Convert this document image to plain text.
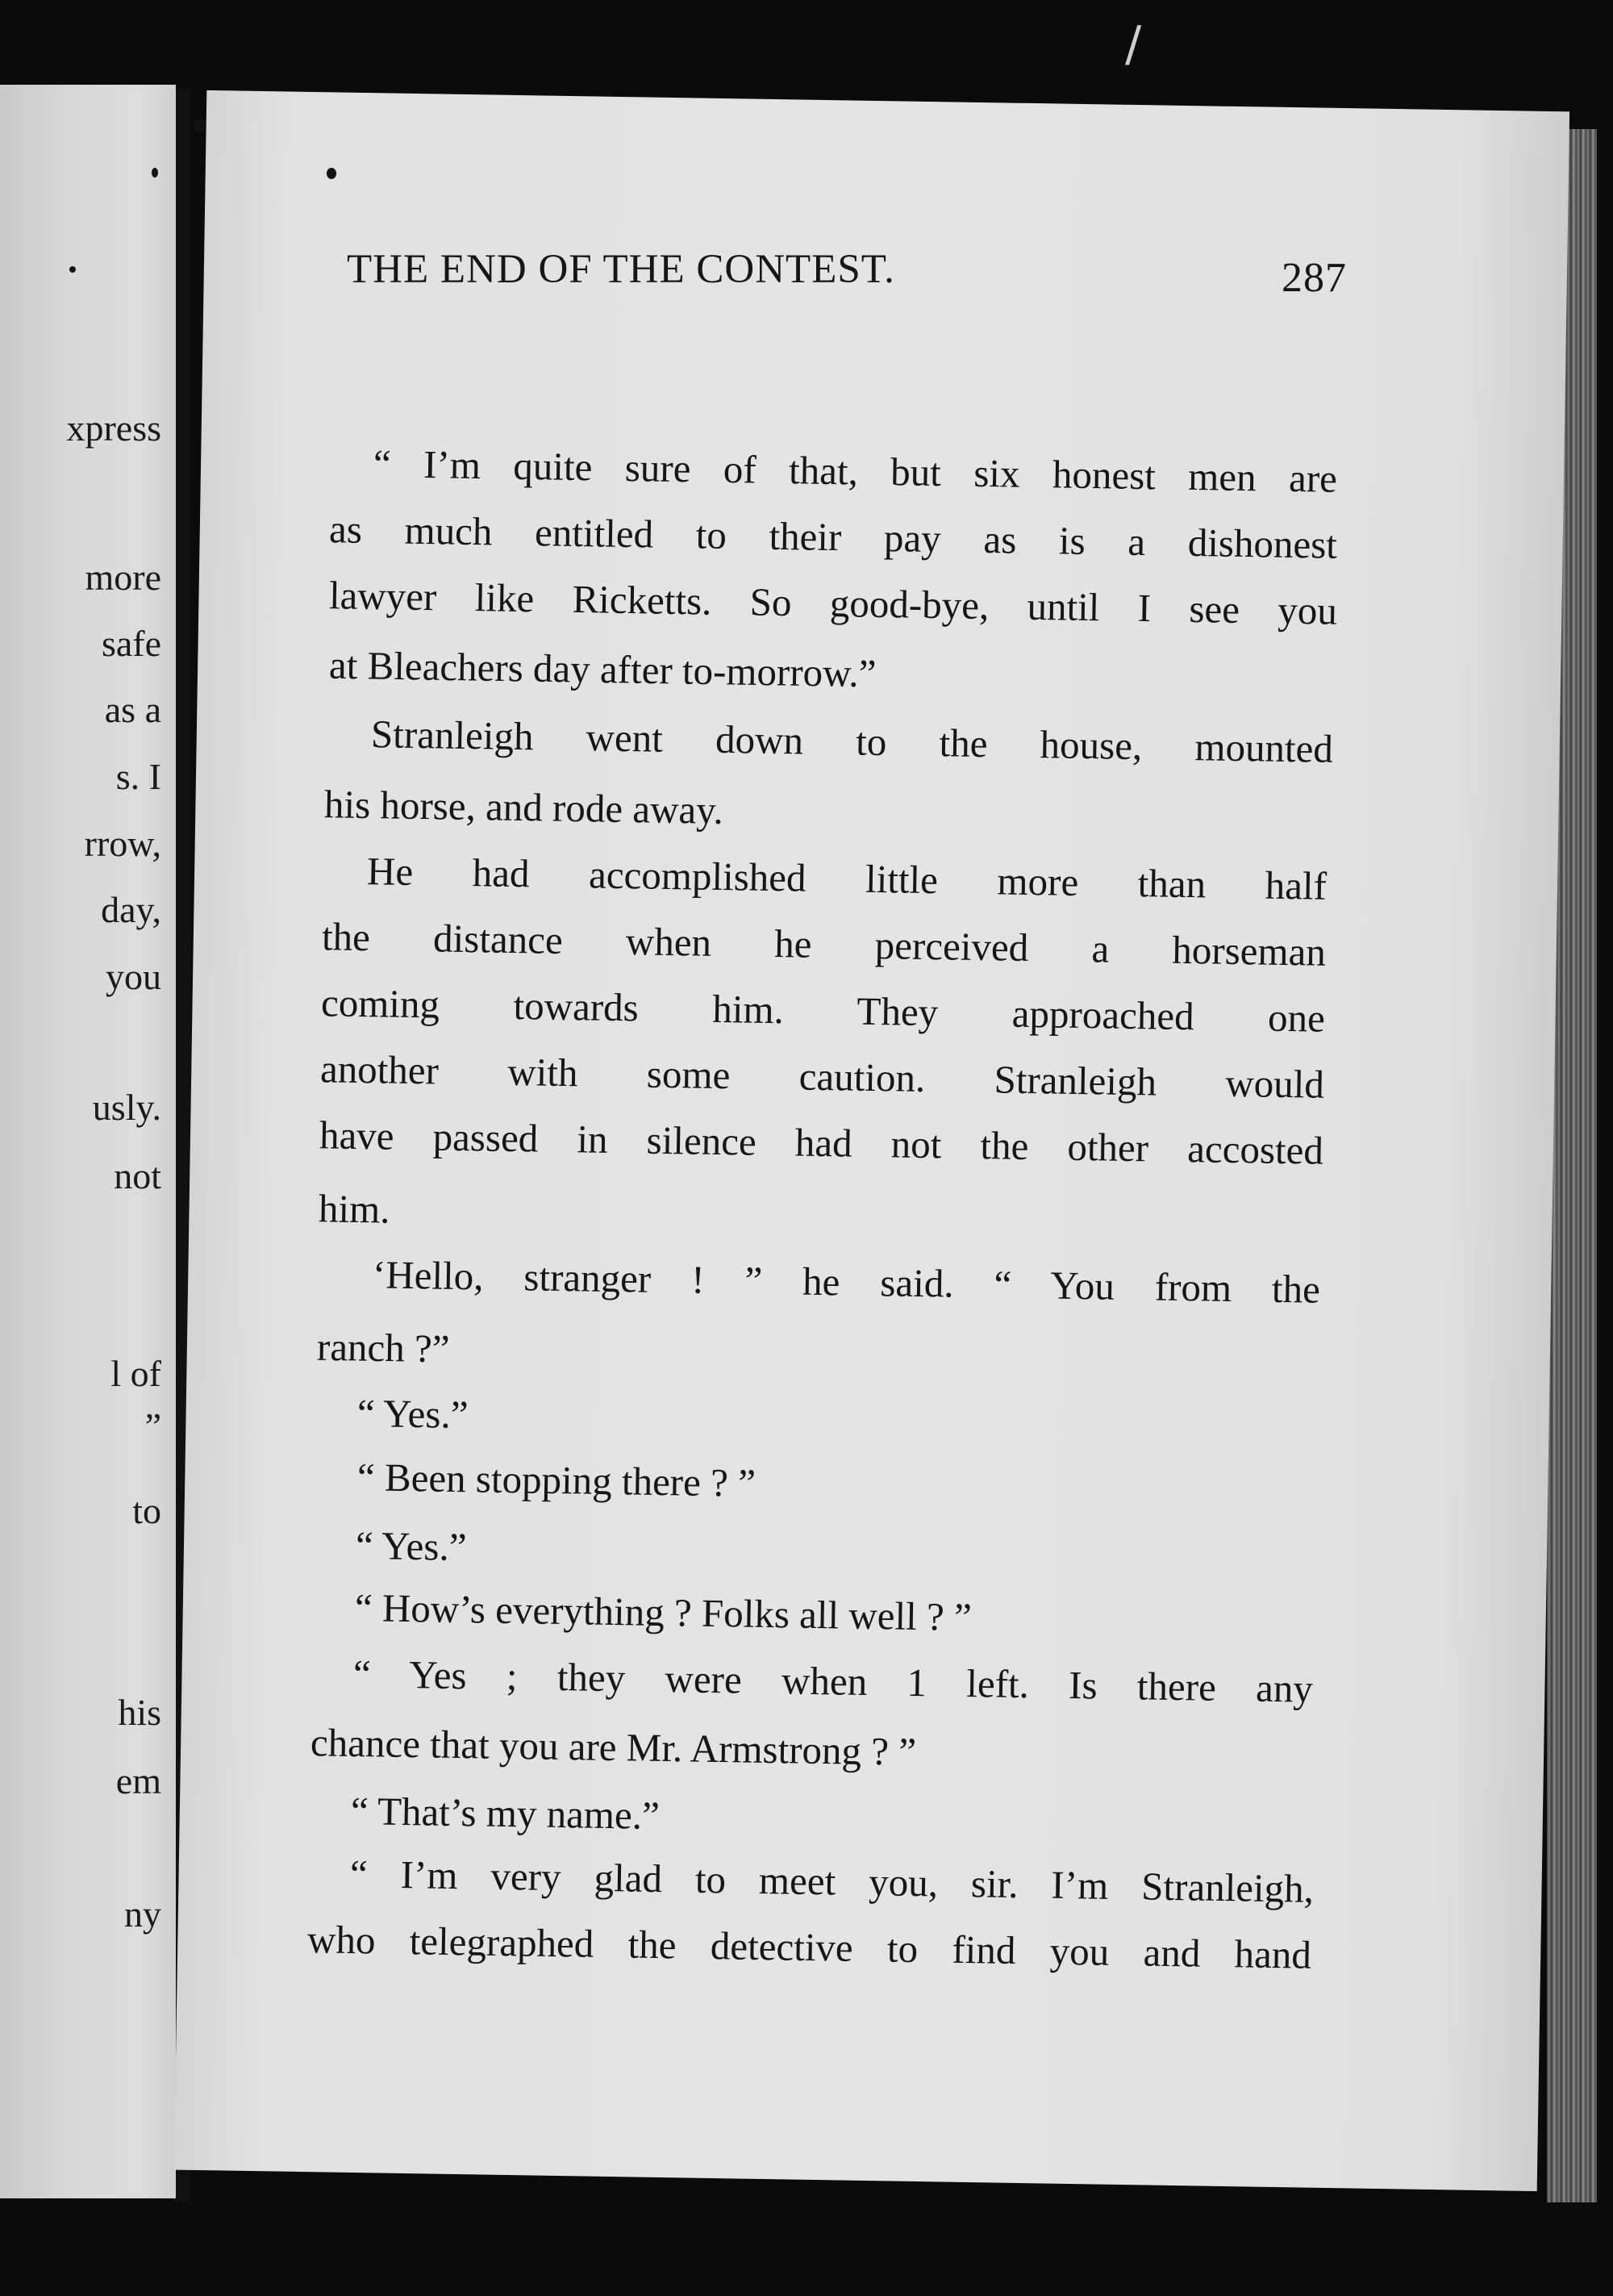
xpress
more
safe
as a
s. I
rrow,
day,
you
usly.
not
l of
”
to
his
em
ny
/
THE END OF THE CONTEST.	287
“ I’m quite sure of that, but six honest men are
as much entitled to their pay as is a dishonest
lawyer like Ricketts. So good-bye, until I see you
at Bleachers day after to-morrow.”
Stranleigh went down to the house, mounted
his horse, and rode away.
He had accomplished little more than half
the distance when he perceived a horseman
coming towards him. They approached one
another with some caution. Stranleigh would
have passed in silence had not the other accosted
him.
‘Hello, stranger ! ” he said. “ You from the
ranch ?”
“ Yes.”
“ Been stopping there ? ”
“ Yes.”
“ How’s everything ? Folks all well ? ”
“ Yes ; they were when 1 left. Is there any
chance that you are Mr. Armstrong ? ”
“ That’s my name.”
“ I’m very glad to meet you, sir. I’m Stranleigh,
who telegraphed the detective to find you and hand
